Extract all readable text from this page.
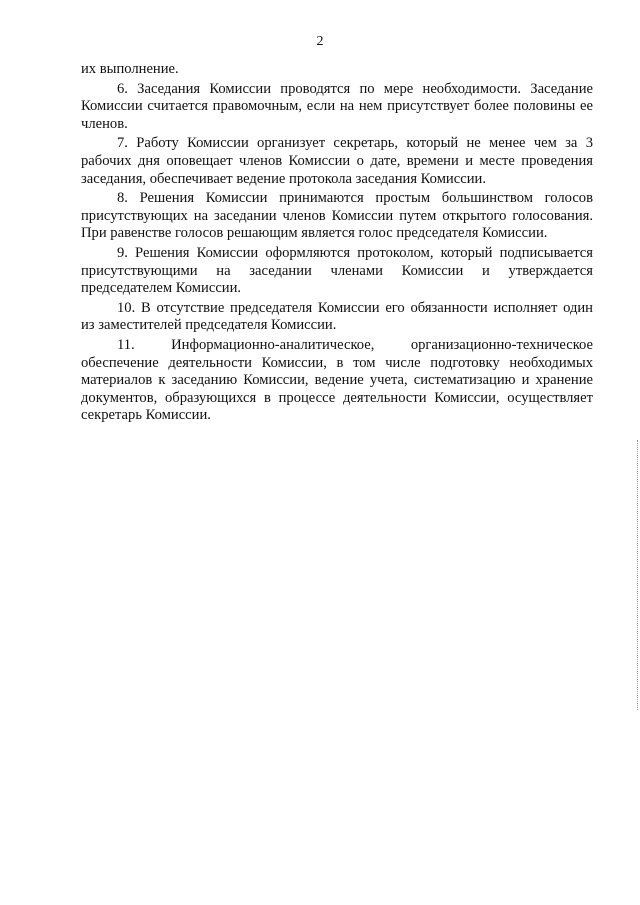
2

их выполнение.

6. Заседания Комиссии проводятся по мере необходимости. Заседание Комиссии считается правомочным, если на нем присутствует более половины ее членов.

7. Работу Комиссии организует секретарь, который не менее чем за 3 рабочих дня оповещает членов Комиссии о дате, времени и месте проведения заседания, обеспечивает ведение протокола заседания Комиссии.

8. Решения Комиссии принимаются простым большинством голосов присутствующих на заседании членов Комиссии путем открытого голосования. При равенстве голосов решающим является голос председателя Комиссии.

9. Решения Комиссии оформляются протоколом, который подписывается присутствующими на заседании членами Комиссии и утверждается председателем Комиссии.

10. В отсутствие председателя Комиссии его обязанности исполняет один из заместителей председателя Комиссии.

11. Информационно-аналитическое, организационно-техническое обеспечение деятельности Комиссии, в том числе подготовку необходимых материалов к заседанию Комиссии, ведение учета, систематизацию и хранение документов, образующихся в процессе деятельности Комиссии, осуществляет секретарь Комиссии.
